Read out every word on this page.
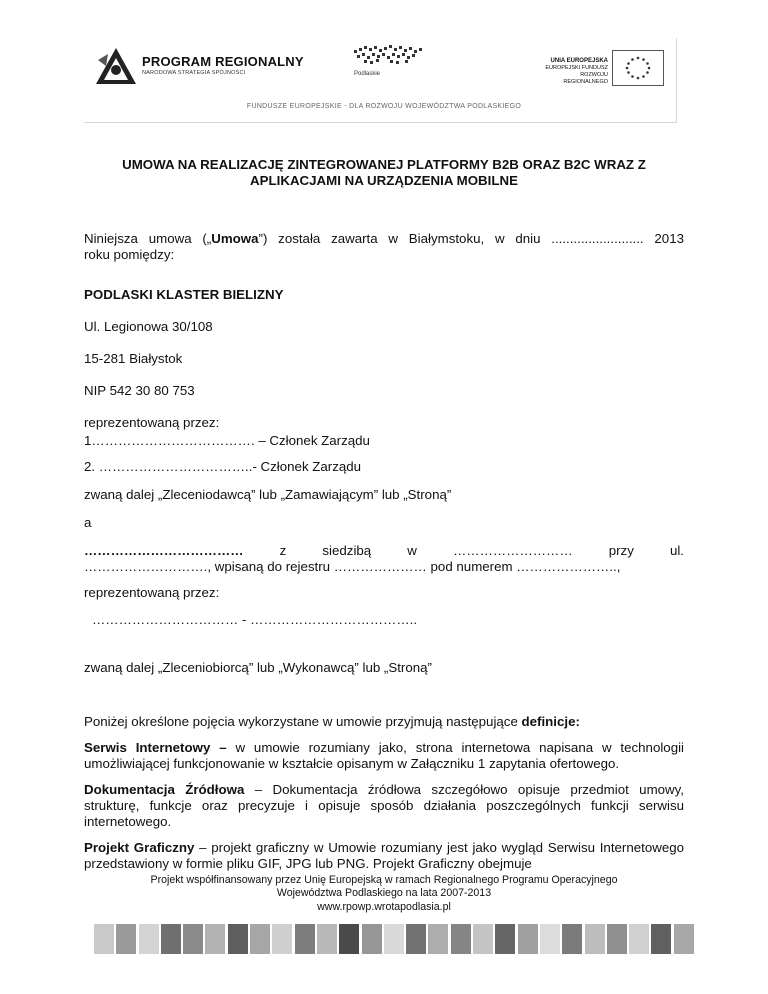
PROGRAM REGIONALNY
NARODOWA STRATEGIA SPÓJNOŚCI	Podlaskie
UNIA EUROPEJSKA
EUROPEJSKI FUNDUSZ
ROZWOJU REGIONALNEGO
FUNDUSZE EUROPEJSKIE - DLA ROZWOJU WOJEWÓDZTWA PODLASKIEGO
UMOWA NA REALIZACJĘ ZINTEGROWANEJ PLATFORMY B2B ORAZ B2C WRAZ Z
APLIKACJAMI NA URZĄDZENIA MOBILNE
Niniejsza umowa („Umowa”) została zawarta w Białymstoku, w dniu ......................... 2013
roku pomiędzy:
PODLASKI KLASTER BIELIZNY
Ul. Legionowa 30/108
15-281 Białystok
NIP 542 30 80 753
reprezentowaną przez:
1………………………………. – Członek Zarządu
2. ……………………………..- Członek Zarządu
zwaną dalej „Zleceniodawcą” lub „Zamawiającym” lub „Stroną”
a
……………………………… z siedzibą w ……………………… przy ul.
………………………., wpisaną do rejestru ………………… pod numerem …………………..,
reprezentowaną przez:
…………………………… - ………………………………..
zwaną dalej „Zleceniobiorcą” lub „Wykonawcą” lub „Stroną”
Poniżej określone pojęcia wykorzystane w umowie przyjmują następujące definicje:
Serwis Internetowy – w umowie rozumiany jako, strona internetowa napisana w technologii umożliwiającej funkcjonowanie w kształcie opisanym w Załączniku 1 zapytania ofertowego.
Dokumentacja Źródłowa – Dokumentacja źródłowa szczegółowo opisuje przedmiot umowy, strukturę, funkcje oraz precyzuje i opisuje sposób działania poszczególnych funkcji serwisu internetowego.
Projekt Graficzny – projekt graficzny w Umowie rozumiany jest jako wygląd Serwisu Internetowego przedstawiony w formie pliku GIF, JPG lub PNG. Projekt Graficzny obejmuje
Projekt współfinansowany przez Unię Europejską w ramach Regionalnego Programu Operacyjnego
Województwa Podlaskiego na lata 2007-2013
www.rpowp.wrotapodlasia.pl
